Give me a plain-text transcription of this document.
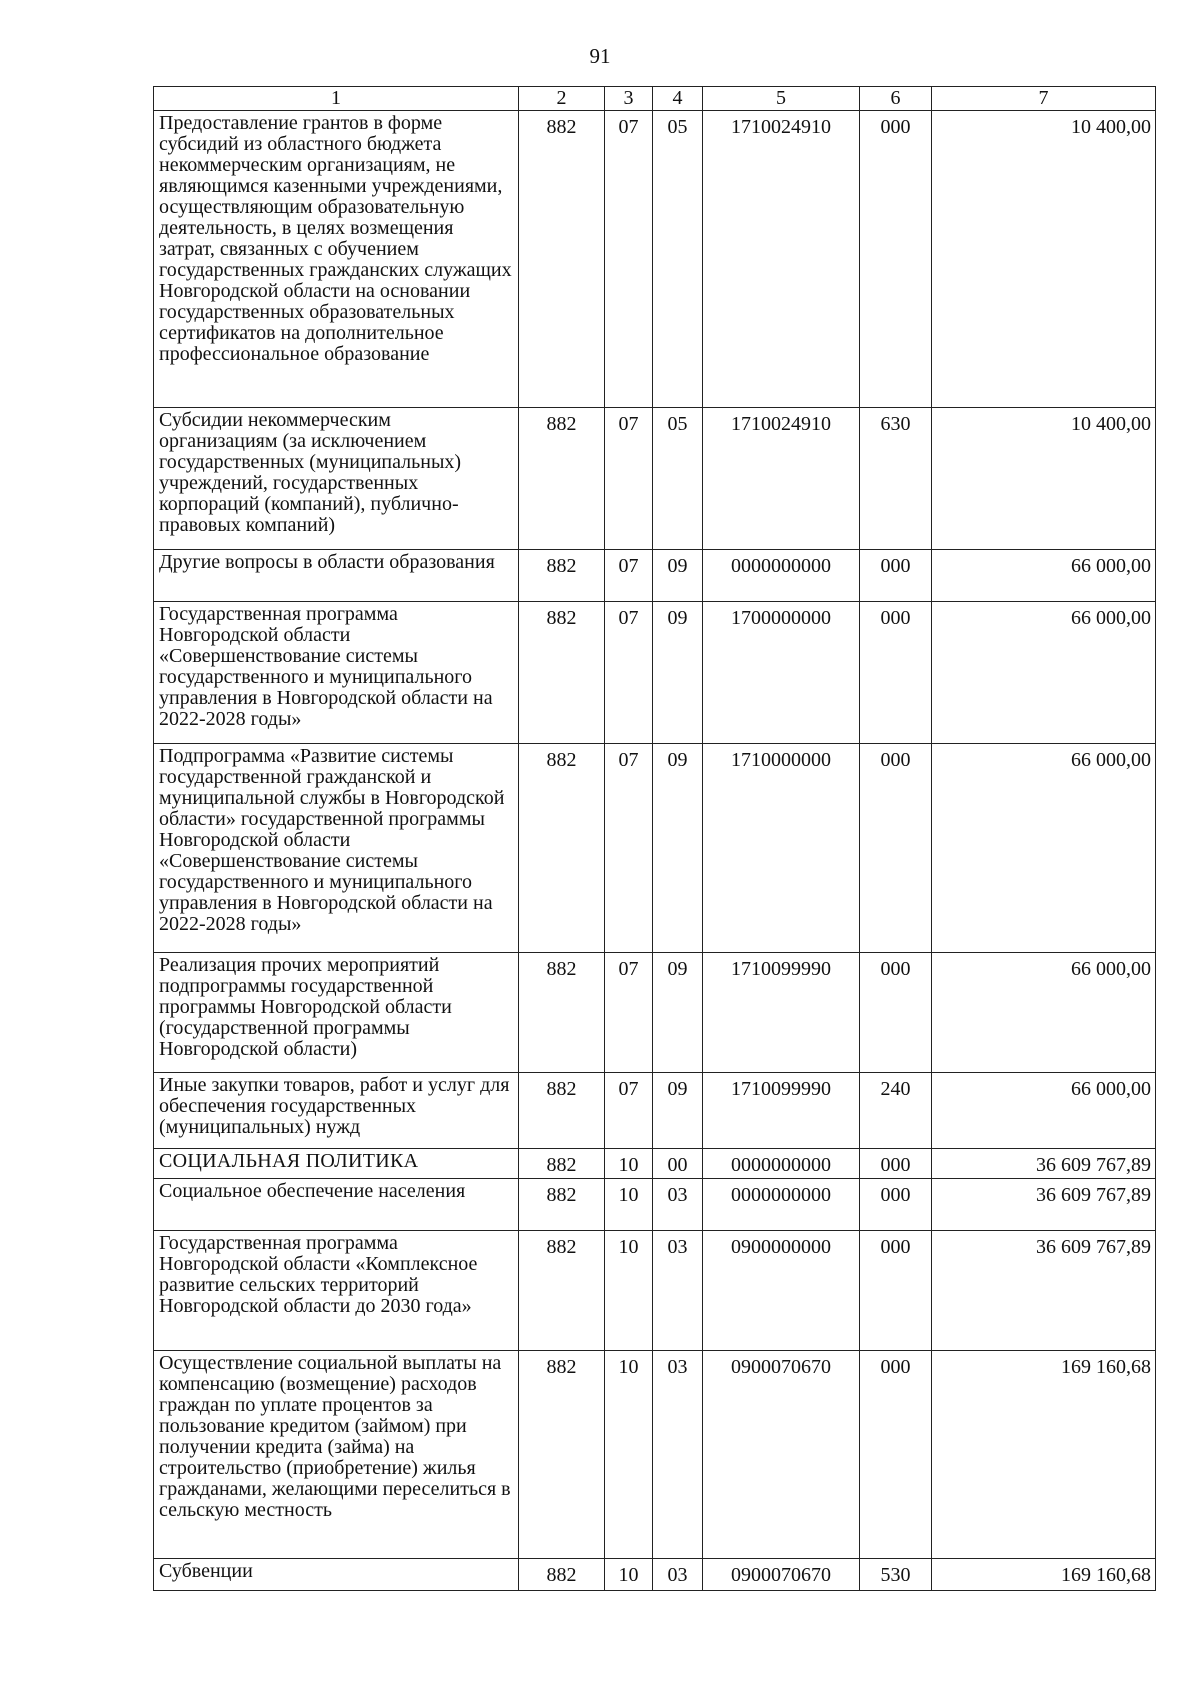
91
1	2	3	4	5	6	7
Предоставление грантов в форме субсидий из областного бюджета некоммерческим организациям, не являющимся казенными учреждениями, осуществляющим образовательную деятельность, в целях возмещения затрат, связанных с обучением государственных гражданских служащих Новгородской области на основании государственных образовательных сертификатов на дополнительное профессиональное образование	882	07	05	1710024910	000	10 400,00
Субсидии некоммерческим организациям (за исключением государственных (муниципальных) учреждений, государственных корпораций (компаний), публично-правовых компаний)	882	07	05	1710024910	630	10 400,00
Другие вопросы в области образования	882	07	09	0000000000	000	66 000,00
Государственная программа Новгородской области «Совершенствование системы государственного и муниципального управления в Новгородской области на 2022-2028 годы»	882	07	09	1700000000	000	66 000,00
Подпрограмма «Развитие системы государственной гражданской и муниципальной службы в Новгородской области» государственной программы Новгородской области «Совершенствование системы государственного и муниципального управления в Новгородской области на 2022-2028 годы»	882	07	09	1710000000	000	66 000,00
Реализация прочих мероприятий подпрограммы государственной программы Новгородской области (государственной программы Новгородской области)	882	07	09	1710099990	000	66 000,00
Иные закупки товаров, работ и услуг для обеспечения государственных (муниципальных) нужд	882	07	09	1710099990	240	66 000,00
СОЦИАЛЬНАЯ ПОЛИТИКА	882	10	00	0000000000	000	36 609 767,89
Социальное обеспечение населения	882	10	03	0000000000	000	36 609 767,89
Государственная программа Новгородской области «Комплексное развитие сельских территорий Новгородской области до 2030 года»	882	10	03	0900000000	000	36 609 767,89
Осуществление социальной выплаты на компенсацию (возмещение) расходов граждан по уплате процентов за пользование кредитом (займом) при получении кредита (займа) на строительство (приобретение) жилья гражданами, желающими переселиться в сельскую местность	882	10	03	0900070670	000	169 160,68
Субвенции	882	10	03	0900070670	530	169 160,68
